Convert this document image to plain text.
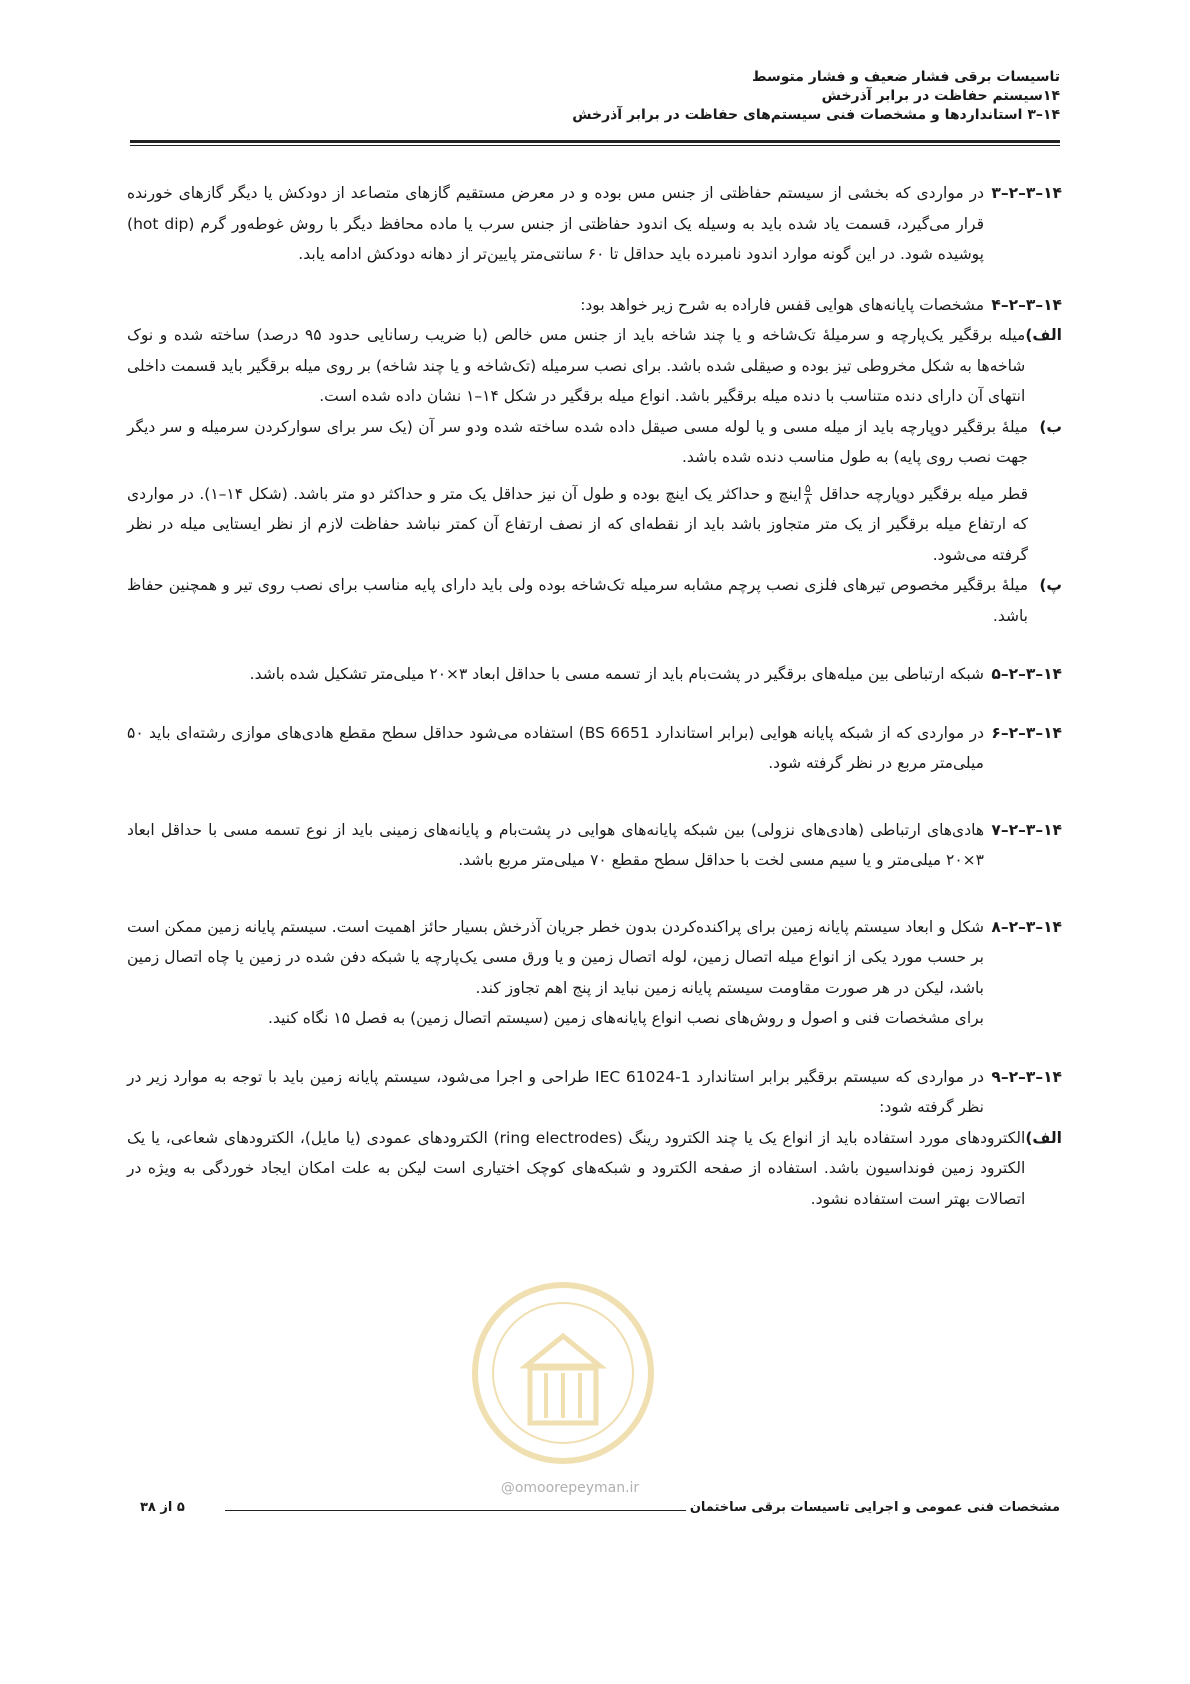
تاسیسات برقی فشار ضعیف و فشار متوسط
۱۴سیستم حفاظت در برابر آذرخش
۱۴–۳ استانداردها و مشخصات فنی سیستم‌های حفاظت در برابر آذرخش
۱۴–۳–۲–۳
در مواردی که بخشی از سیستم حفاظتی از جنس مس بوده و در معرض مستقیم گازهای متصاعد از دودکش یا دیگر گازهای خورنده قرار می‌گیرد، قسمت یاد شده باید به وسیله یک اندود حفاظتی از جنس سرب یا ماده محافظ دیگر با روش غوطه‌ور گرم (hot dip) پوشیده شود. در این گونه موارد اندود نامبرده باید حداقل تا ۶۰ سانتی‌متر پایین‌تر از دهانه دودکش ادامه یابد.
۱۴–۳–۲–۴
مشخصات پایانه‌های هوایی قفس فاراده به شرح زیر خواهد بود:
الف)
میله برقگیر یک‌پارچه و سرمیلهٔ تک‌شاخه و یا چند شاخه باید از جنس مس خالص (با ضریب رسانایی حدود ۹۵ درصد) ساخته شده و نوک شاخه‌ها به شکل مخروطی تیز بوده و صیقلی شده باشد. برای نصب سرمیله (تک‌شاخه و یا چند شاخه) بر روی میله برقگیر باید قسمت داخلی انتهای آن دارای دنده متناسب با دنده میله برقگیر باشد. انواع میله برقگیر در شکل ۱۴–۱ نشان داده شده است.
ب)
میلهٔ برقگیر دوپارچه باید از میله مسی و یا لوله مسی صیقل داده شده ساخته شده ودو سر آن (یک سر برای سوارکردن سرمیله و سر دیگر جهت نصب روی پایه) به طول مناسب دنده شده باشد.
قطر میله برقگیر دوپارچه حداقل
$\frac{۵}{۸}$
اینچ و حداکثر یک اینچ بوده و طول آن نیز حداقل یک متر و حداکثر دو متر باشد. (شکل ۱۴–۱). در مواردی که ارتفاع میله برقگیر از یک متر متجاوز باشد باید از نقطه‌ای که از نصف ارتفاع آن کمتر نباشد حفاظت لازم از نظر ایستایی میله در نظر گرفته می‌شود.
پ)
میلهٔ برقگیر مخصوص تیرهای فلزی نصب پرچم مشابه سرمیله تک‌شاخه بوده ولی باید دارای پایه مناسب برای نصب روی تیر و همچنین حفاظ باشد.
۱۴–۳–۲–۵
شبکه ارتباطی بین میله‌های برقگیر در پشت‌بام باید از تسمه مسی با حداقل ابعاد ۳×۲۰ میلی‌متر تشکیل شده باشد.
۱۴–۳–۲–۶
در مواردی که از شبکه پایانه هوایی (برابر استاندارد BS 6651) استفاده می‌شود حداقل سطح مقطع هادی‌های موازی رشته‌ای باید ۵۰ میلی‌متر مربع در نظر گرفته شود.
۱۴–۳–۲–۷
هادی‌های ارتباطی (هادی‌های نزولی) بین شبکه پایانه‌های هوایی در پشت‌بام و پایانه‌های زمینی باید از نوع تسمه مسی با حداقل ابعاد ۳×۲۰ میلی‌متر و یا سیم مسی لخت با حداقل سطح مقطع ۷۰ میلی‌متر مربع باشد.
۱۴–۳–۲–۸
شکل و ابعاد سیستم پایانه زمین برای پراکنده‌کردن بدون خطر جریان آذرخش بسیار حائز اهمیت است. سیستم پایانه زمین ممکن است بر حسب مورد یکی از انواع میله اتصال زمین، لوله اتصال زمین و یا ورق مسی یک‌پارچه یا شبکه دفن شده در زمین یا چاه اتصال زمین باشد، لیکن در هر صورت مقاومت سیستم پایانه زمین نباید از پنج اهم تجاوز کند.
برای مشخصات فنی و اصول و روش‌های نصب انواع پایانه‌های زمین (سیستم اتصال زمین) به فصل ۱۵ نگاه کنید.
۱۴–۳–۲–۹
در مواردی که سیستم برقگیر برابر استاندارد IEC 61024-1 طراحی و اجرا می‌شود، سیستم پایانه زمین باید با توجه به موارد زیر در نظر گرفته شود:
الف)
الکترودهای مورد استفاده باید از انواع یک یا چند الکترود رینگ (ring electrodes) الکترودهای عمودی (یا مایل)، الکترودهای شعاعی، یا یک الکترود زمین فونداسیون باشد. استفاده از صفحه الکترود و شبکه‌های کوچک اختیاری است لیکن به علت امکان ایجاد خوردگی به ویژه در اتصالات بهتر است استفاده نشود.
@omoorepeyman.ir
مشخصات فنی عمومی و اجرایی تاسیسات برقی ساختمان
۵ از ۳۸
